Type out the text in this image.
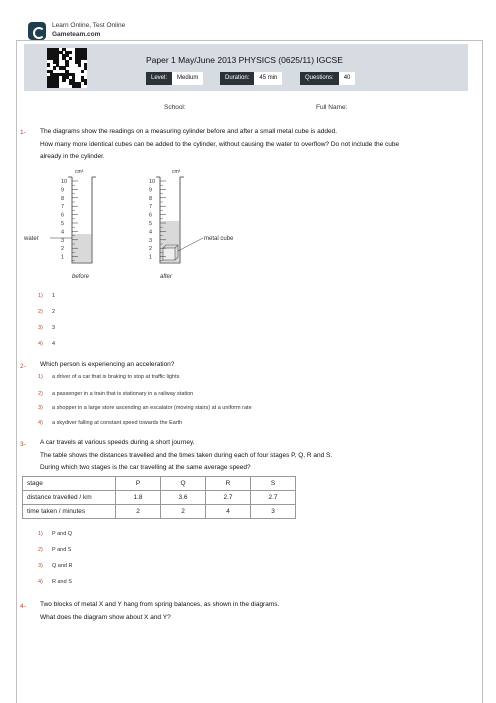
Learn Online, Test Online
Gameteam.com
Paper 1 May/June 2013 PHYSICS (0625/11) IGCSE
Level: Medium	Duration: 45 min	Questions: 40
School:	Full Name:
1- The diagrams show the readings on a measuring cylinder before and after a small metal cube is added.
How many more identical cubes can be added to the cylinder, without causing the water to overflow? Do not include the cube
already in the cylinder.
cm³
10
9
8
7
6
5
4
3
2
1
water
before
cm³
10
9
8
7
6
5
4
3
2
1
metal cube
after
1) 1
2) 2
3) 3
4) 4
2- Which person is experiencing an acceleration?
1) a driver of a car that is braking to stop at traffic lights
2) a passenger in a train that is stationary in a railway station
3) a shopper in a large store ascending an escalator (moving stairs) at a uniform rate
4) a skydiver falling at constant speed towards the Earth
3- A car travels at various speeds during a short journey.
The table shows the distances travelled and the times taken during each of four stages P, Q, R and S.
During which two stages is the car travelling at the same average speed?
stage	P	Q	R	S
distance travelled / km	1.8	3.6	2.7	2.7
time taken / minutes	2	2	4	3
1) P and Q
2) P and S
3) Q and R
4) R and S
4- Two blocks of metal X and Y hang from spring balances, as shown in the diagrams.
What does the diagram show about X and Y?
